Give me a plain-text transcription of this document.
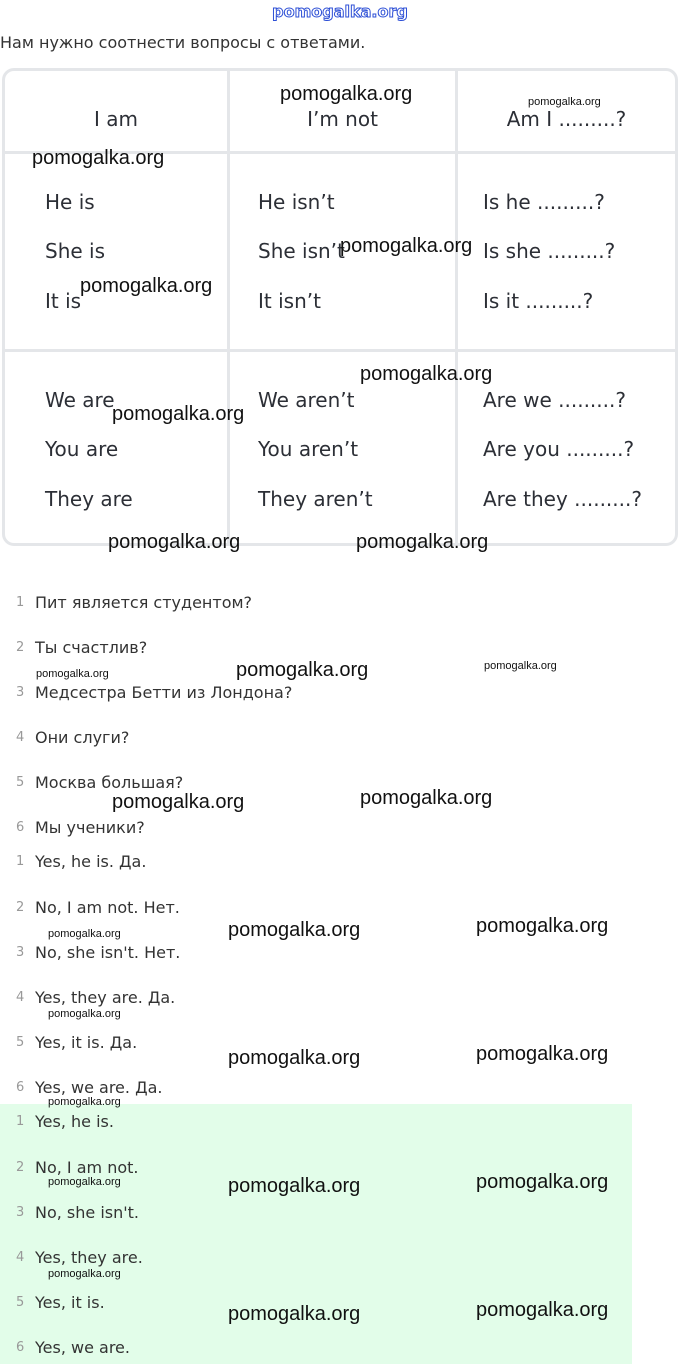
pomogalka.org
Нам нужно соотнести вопросы с ответами.
I am	I’m not	Am I .........?
He is	He isn’t	Is he .........?
She is	She isn’t	Is she .........?
It is	It isn’t	Is it .........?
We are	We aren’t	Are we .........?
You are	You aren’t	Are you .........?
They are	They aren’t	Are they .........?
1 Пит является студентом?
2 Ты счастлив?
3 Медсестра Бетти из Лондона?
4 Они слуги?
5 Москва большая?
6 Мы ученики?
1 Yes, he is. Да.
2 No, I am not. Нет.
3 No, she isn't. Нет.
4 Yes, they are. Да.
5 Yes, it is. Да.
6 Yes, we are. Да.
1 Yes, he is.
2 No, I am not.
3 No, she isn't.
4 Yes, they are.
5 Yes, it is.
6 Yes, we are.
pomogalka.org	pomogalka.org
pomogalka.org
pomogalka.org
pomogalka.org
pomogalka.org
pomogalka.org
pomogalka.org	pomogalka.org
pomogalka.org	pomogalka.org	pomogalka.org
pomogalka.org	pomogalka.org
pomogalka.org	pomogalka.org	pomogalka.org
pomogalka.org
pomogalka.org	pomogalka.org
pomogalka.org
pomogalka.org	pomogalka.org	pomogalka.org
pomogalka.org
pomogalka.org	pomogalka.org
